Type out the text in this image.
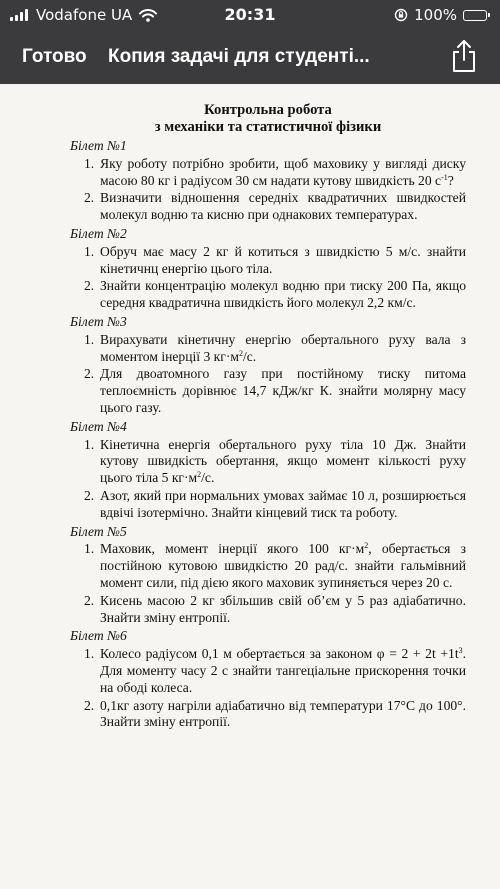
Vodafone UA	20:31	100%
Готово Копия задачі для студенті...
Контрольна робота
з механіки та статистичної фізики
Білет №1
1. Яку роботу потрібно зробити, щоб маховику у вигляді диску масою 80 кг і радіусом 30 см надати кутову швидкість 20 $с^{-1}$?
2. Визначити відношення середніх квадратичних швидкостей молекул водню та кисню при однакових температурах.
Білет №2
1. Обруч має масу 2 кг й котиться з швидкістю 5 м/с. знайти кінетичнц енергію цього тіла.
2. Знайти концентрацію молекул водню при тиску 200 Па, якщо середня квадратична швидкість його молекул 2,2 км/с.
Білет №3
1. Вирахувати кінетичну енергію обертального руху вала з моментом інерції 3 $кг\cdot м^2/с$.
2. Для двоатомного газу при постійному тиску питома теплоємність дорівнює 14,7 кДж/кг К. знайти молярну масу цього газу.
Білет №4
1. Кінетична енергія обертального руху тіла 10 Дж. Знайти кутову швидкість обертання, якщо момент кількості руху цього тіла 5 $кг\cdot м^2/с$.
2. Азот, який при нормальних умовах займає 10 л, розширюється вдвічі ізотермічно. Знайти кінцевий тиск та роботу.
Білет №5
1. Маховик, момент інерції якого 100 $кг\cdot м^2$, обертається з постійною кутовою швидкістю 20 рад/с. знайти гальмівний момент сили, під дією якого маховик зупиняється через 20 с.
2. Кисень масою 2 кг збільшив свій об’єм у 5 раз адіабатично. Знайти зміну ентропії.
Білет №6
1. Колесо радіусом 0,1 м обертається за законом $\varphi = 2 + 2t +1t^3$. Для моменту часу 2 с знайти тангеціальне прискорення точки на ободі колеса.
2. 0,1кг азоту нагріли адіабатично від температури 17°С до 100°. Знайти зміну ентропії.
